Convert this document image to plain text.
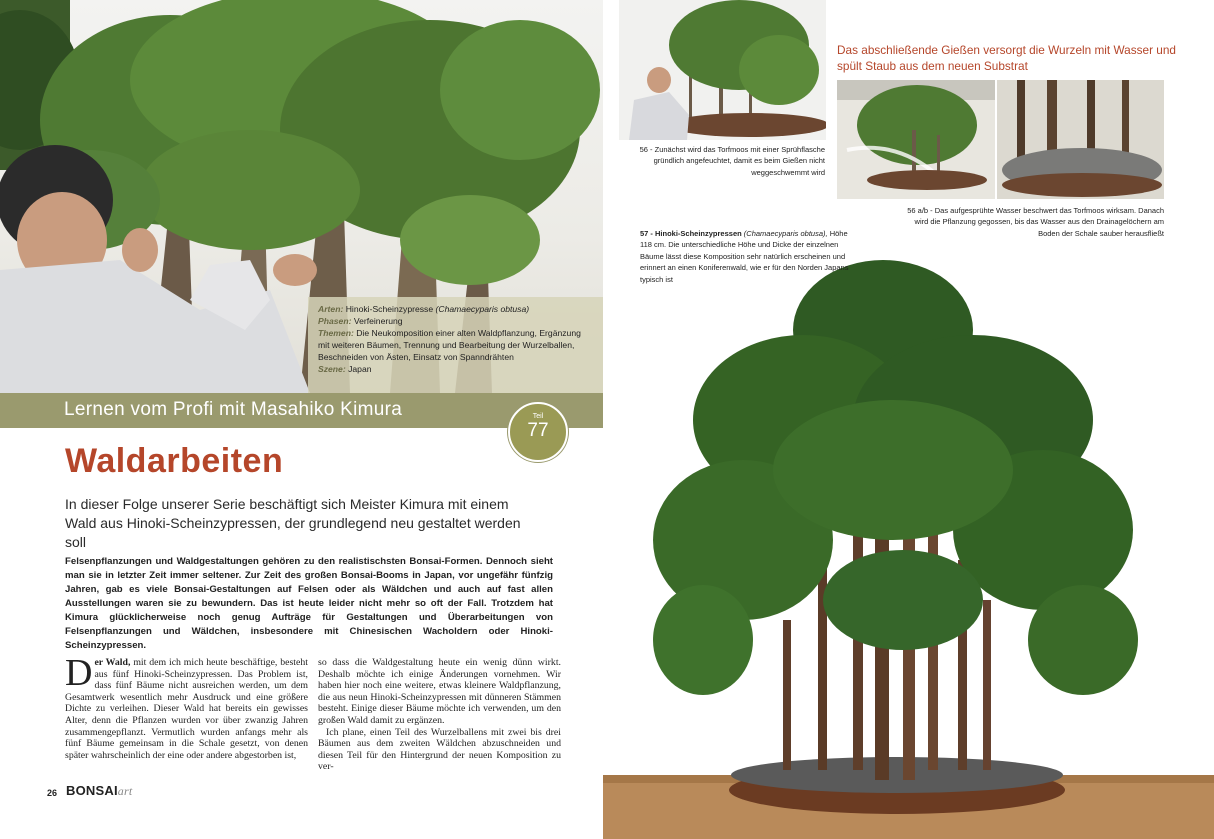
Arten: Hinoki-Scheinzypresse (Chamaecyparis obtusa)
Phasen: Verfeinerung
Themen: Die Neukomposition einer alten Waldpflanzung, Ergänzung mit weiteren Bäumen, Trennung und Bearbeitung der Wurzelballen, Beschneiden von Ästen, Einsatz von Spanndrähten
Szene: Japan

Lernen vom Profi mit Masahiko Kimura	Teil
77
Waldarbeiten
In dieser Folge unserer Serie beschäftigt sich Meister Kimura mit einem
Wald aus Hinoki-Scheinzypressen, der grundlegend neu gestaltet werden soll
Felsenpflanzungen und Waldgestaltungen gehören zu den realistischsten Bonsai-Formen. Dennoch sieht man sie in letzter Zeit immer seltener. Zur Zeit des großen Bonsai-Booms in Japan, vor ungefähr fünfzig Jahren, gab es viele Bonsai-Gestaltungen auf Felsen oder als Wäldchen und auch auf fast allen Ausstellungen waren sie zu bewundern. Das ist heute leider nicht mehr so oft der Fall. Trotzdem hat Kimura glücklicherweise noch genug Aufträge für Gestaltungen und Überarbeitungen von Felsenpflanzungen und Wäldchen, insbesondere mit Chinesischen Wacholdern oder Hinoki-Scheinzypressen.

D er Wald, mit dem ich mich heute beschäftige, besteht aus fünf Hinoki-Scheinzypressen. Das Problem ist, dass fünf Bäume nicht ausreichen werden, um dem Gesamtwerk wesentlich mehr Ausdruck und eine größere Dichte zu verleihen. Dieser Wald hat bereits ein gewisses Alter, denn die Pflanzen wurden vor über zwanzig Jahren zusammengepflanzt. Vermutlich wurden anfangs mehr als fünf Bäume gemeinsam in die Schale gesetzt, von denen später wahrscheinlich der eine oder andere abgestorben ist,

so dass die Waldgestaltung heute ein wenig dünn wirkt. Deshalb möchte ich einige Änderungen vornehmen. Wir haben hier noch eine weitere, etwas kleinere Waldpflanzung, die aus neun Hinoki-Scheinzypressen mit dünneren Stämmen besteht. Einige dieser Bäume möchte ich verwenden, um den großen Wald damit zu ergänzen.

Ich plane, einen Teil des Wurzelballens mit zwei bis drei Bäumen aus dem zweiten Wäldchen abzuschneiden und diesen Teil für den Hintergrund der neuen Komposition zu ver-

26 BONSAIart
Das abschließende Gießen versorgt die Wurzeln mit Wasser und spült Staub aus dem neuen Substrat
56 - Zunächst wird das Torfmoos mit einer Sprühflasche gründlich angefeuchtet, damit es beim Gießen nicht weggeschwemmt wird
56 a/b - Das aufgesprühte Wasser beschwert das Torfmoos wirksam. Danach wird die Pflanzung gegossen, bis das Wasser aus den Drainagelöchern am Boden der Schale sauber herausfließt
57 - Hinoki-Scheinzypressen (Chamaecyparis obtusa), Höhe 118 cm. Die unterschiedliche Höhe und Dicke der einzelnen Bäume lässt diese Komposition sehr natürlich erscheinen und erinnert an einen Koniferenwald, wie er für den Norden Japans typisch ist
